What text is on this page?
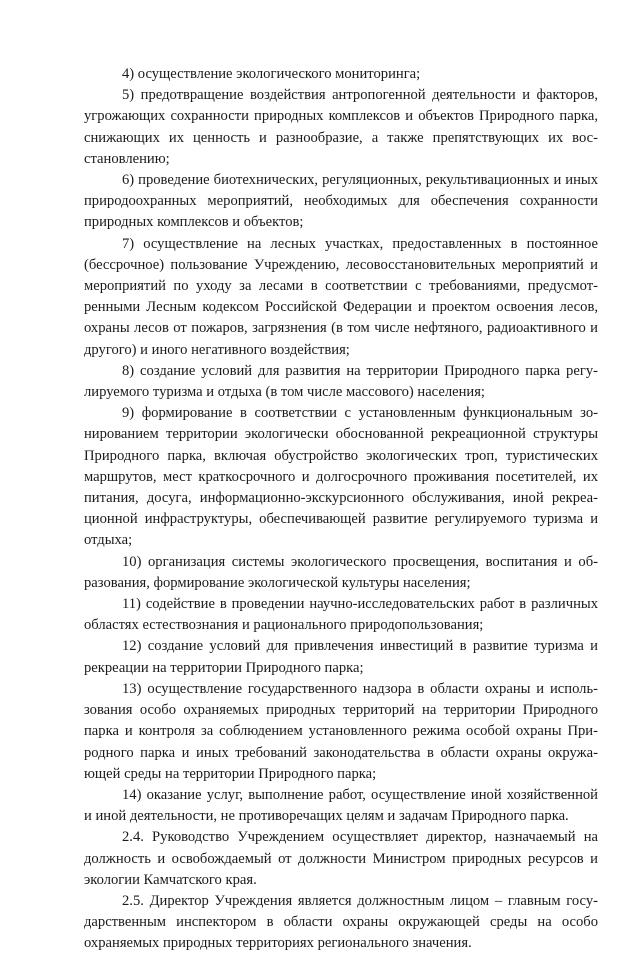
4) осуществление экологического мониторинга;

5) предотвращение воздействия антропогенной деятельности и факторов, угрожающих сохранности природных комплексов и объектов Природного парка, снижающих их ценность и разнообразие, а также препятствующих их восстановлению;

6) проведение биотехнических, регуляционных, рекультивационных и иных природоохранных мероприятий, необходимых для обеспечения сохранности природных комплексов и объектов;

7) осуществление на лесных участках, предоставленных в постоянное (бессрочное) пользование Учреждению, лесовосстановительных мероприятий и мероприятий по уходу за лесами в соответствии с требованиями, предусмотренными Лесным кодексом Российской Федерации и проектом освоения лесов, охраны лесов от пожаров, загрязнения (в том числе нефтяного, радиоактивного и другого) и иного негативного воздействия;

8) создание условий для развития на территории Природного парка регулируемого туризма и отдыха (в том числе массового) населения;

9) формирование в соответствии с установленным функциональным зонированием территории экологически обоснованной рекреационной структуры Природного парка, включая обустройство экологических троп, туристических маршрутов, мест краткосрочного и долгосрочного проживания посетителей, их питания, досуга, информационно-экскурсионного обслуживания, иной рекреационной инфраструктуры, обеспечивающей развитие регулируемого туризма и отдыха;

10) организация системы экологического просвещения, воспитания и образования, формирование экологической культуры населения;

11) содействие в проведении научно-исследовательских работ в различных областях естествознания и рационального природопользования;

12) создание условий для привлечения инвестиций в развитие туризма и рекреации на территории Природного парка;

13) осуществление государственного надзора в области охраны и использования особо охраняемых природных территорий на территории Природного парка и контроля за соблюдением установленного режима особой охраны Природного парка и иных требований законодательства в области охраны окружающей среды на территории Природного парка;

14) оказание услуг, выполнение работ, осуществление иной хозяйственной и иной деятельности, не противоречащих целям и задачам Природного парка.

2.4. Руководство Учреждением осуществляет директор, назначаемый на должность и освобождаемый от должности Министром природных ресурсов и экологии Камчатского края.

2.5. Директор Учреждения является должностным лицом – главным государственным инспектором в области охраны окружающей среды на особо охраняемых природных территориях регионального значения.
